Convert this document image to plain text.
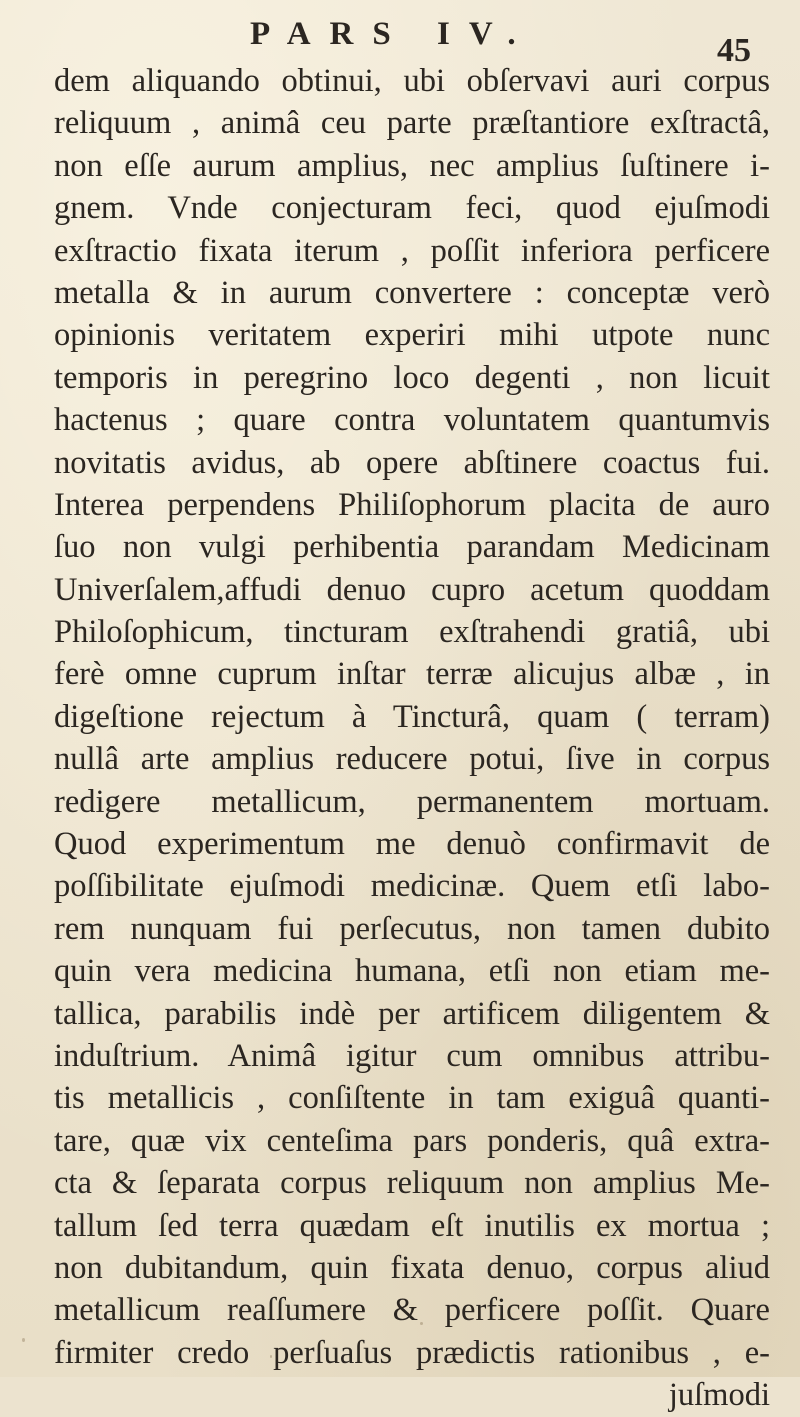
PARS IV.	45
dem aliquando obtinui, ubi obſervavi auri corpus
reliquum , animâ ceu parte præſtantiore exſtractâ,
non eſſe aurum amplius, nec amplius ſuſtinere i-
gnem. Vnde conjecturam feci, quod ejuſmodi
exſtractio fixata iterum , poſſit inferiora perficere
metalla & in aurum convertere : conceptæ verò
opinionis veritatem experiri mihi utpote nunc
temporis in peregrino loco degenti , non licuit
hactenus ; quare contra voluntatem quantumvis
novitatis avidus, ab opere abſtinere coactus fui.
Interea perpendens Philiſophorum placita de auro
ſuo non vulgi perhibentia parandam Medicinam
Univerſalem,affudi denuo cupro acetum quoddam
Philoſophicum, tincturam exſtrahendi gratiâ, ubi
ferè omne cuprum inſtar terræ alicujus albæ , in
digeſtione rejectum à Tincturâ, quam ( terram)
nullâ arte amplius reducere potui, ſive in corpus
redigere metallicum, permanentem mortuam.
Quod experimentum me denuò confirmavit de
poſſibilitate ejuſmodi medicinæ. Quem etſi labo-
rem nunquam fui perſecutus, non tamen dubito
quin vera medicina humana, etſi non etiam me-
tallica, parabilis indè per artificem diligentem &
induſtrium. Animâ igitur cum omnibus attribu-
tis metallicis , conſiſtente in tam exiguâ quanti-
tare, quæ vix centeſima pars ponderis, quâ extra-
cta & ſeparata corpus reliquum non amplius Me-
tallum ſed terra quædam eſt inutilis ex mortua ;
non dubitandum, quin fixata denuo, corpus aliud
metallicum reaſſumere & perficere poſſit. Quare
firmiter credo perſuaſus prædictis rationibus , e-
juſmodi
